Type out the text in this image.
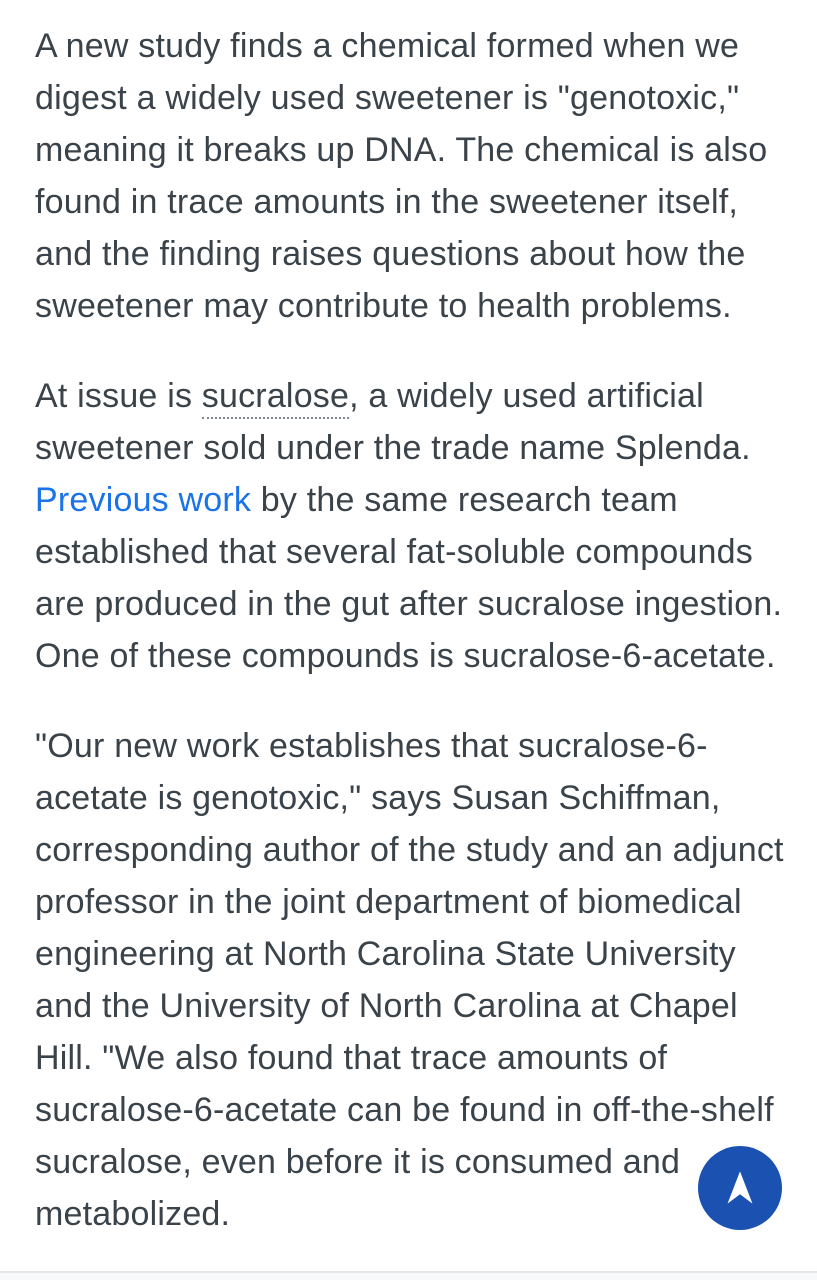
A new study finds a chemical formed when we
digest a widely used sweetener is "genotoxic,"
meaning it breaks up DNA. The chemical is also
found in trace amounts in the sweetener itself,
and the finding raises questions about how the
sweetener may contribute to health problems.

At issue is sucralose, a widely used artificial
sweetener sold under the trade name Splenda.
Previous work by the same research team
established that several fat-soluble compounds
are produced in the gut after sucralose ingestion.
One of these compounds is sucralose-6-acetate.

"Our new work establishes that sucralose-6-
acetate is genotoxic," says Susan Schiffman,
corresponding author of the study and an adjunct
professor in the joint department of biomedical
engineering at North Carolina State University
and the University of North Carolina at Chapel
Hill. "We also found that trace amounts of
sucralose-6-acetate can be found in off-the-shelf
sucralose, even before it is consumed and
metabolized.
